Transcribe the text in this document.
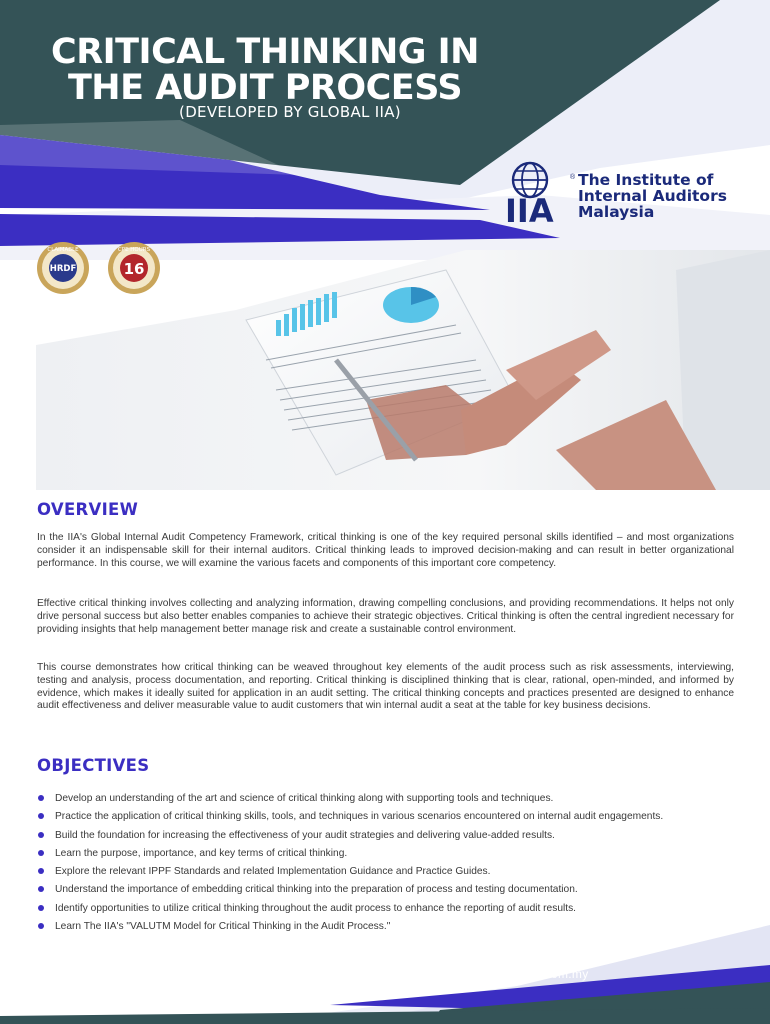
CRITICAL THINKING IN
THE AUDIT PROCESS
(DEVELOPED BY GLOBAL IIA)
IIA
® The Institute of
Internal Auditors
Malaysia
CLAIMABLE
HRDF
CPE HOURS
16
OVERVIEW
In the IIA's Global Internal Audit Competency Framework, critical thinking is one of the key required personal skills identified – and most organizations consider it an indispensable skill for their internal auditors. Critical thinking leads to improved decision-making and can result in better organizational performance. In this course, we will examine the various facets and components of this important core competency.
Effective critical thinking involves collecting and analyzing information, drawing compelling conclusions, and providing recommendations. It helps not only drive personal success but also better enables companies to achieve their strategic objectives. Critical thinking is often the central ingredient necessary for providing insights that help management better manage risk and create a sustainable control environment.
This course demonstrates how critical thinking can be weaved throughout key elements of the audit process such as risk assessments, interviewing, testing and analysis, process documentation, and reporting. Critical thinking is disciplined thinking that is clear, rational, open-minded, and informed by evidence, which makes it ideally suited for application in an audit setting. The critical thinking concepts and practices presented are designed to enhance audit effectiveness and deliver measurable value to audit customers that win internal audit a seat at the table for key business decisions.
OBJECTIVES
Develop an understanding of the art and science of critical thinking along with supporting tools and techniques.
Practice the application of critical thinking skills, tools, and techniques in various scenarios encountered on internal audit engagements.
Build the foundation for increasing the effectiveness of your audit strategies and delivering value-added results.
Learn the purpose, importance, and key terms of critical thinking.
Explore the relevant IPPF Standards and related Implementation Guidance and Practice Guides.
Understand the importance of embedding critical thinking into the preparation of process and testing documentation.
Identify opportunities to utilize critical thinking throughout the audit process to enhance the reporting of audit results.
Learn The IIA's "VALUTM Model for Critical Thinking in the Audit Process."
www.iiam.com.my
